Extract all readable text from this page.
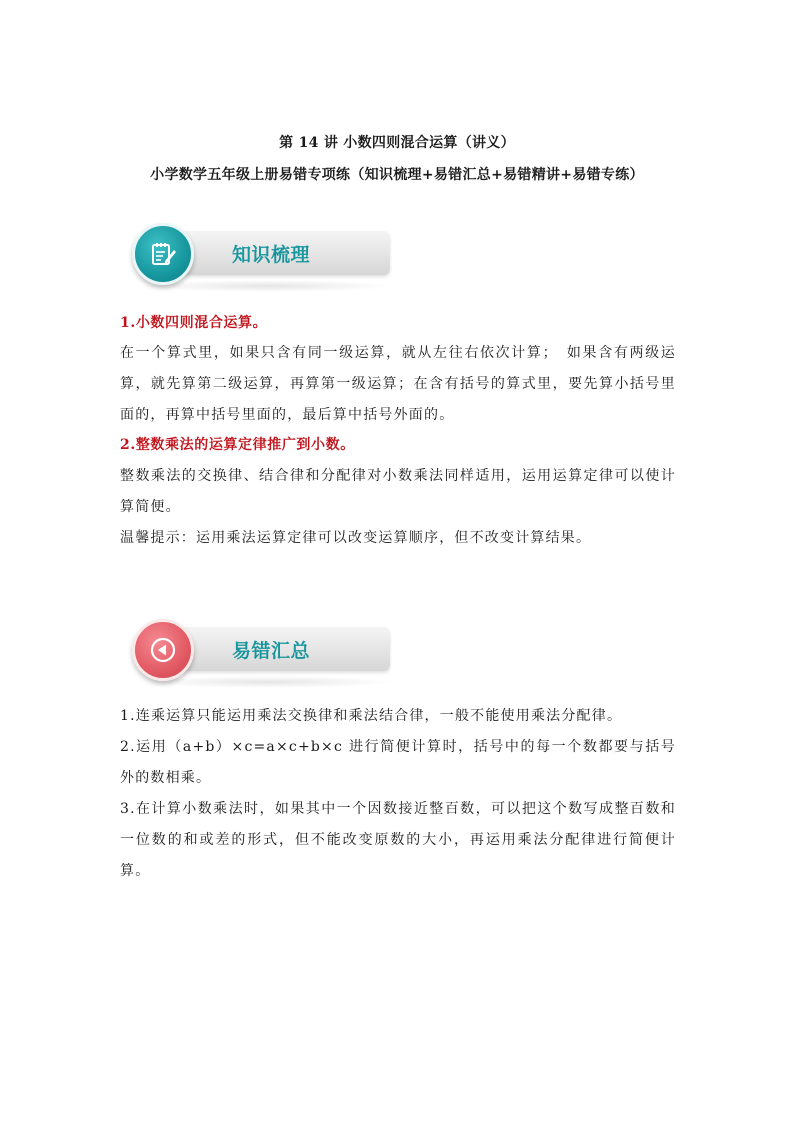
第 14 讲 小数四则混合运算（讲义）
小学数学五年级上册易错专项练（知识梳理+易错汇总+易错精讲+易错专练）
知识梳理
1.小数四则混合运算。
在一个算式里，如果只含有同一级运算，就从左往右依次计算；　如果含有两级运算，就先算第二级运算，再算第一级运算；在含有括号的算式里，要先算小括号里面的，再算中括号里面的，最后算中括号外面的。
2.整数乘法的运算定律推广到小数。
整数乘法的交换律、结合律和分配律对小数乘法同样适用，运用运算定律可以使计算简便。
温馨提示：运用乘法运算定律可以改变运算顺序，但不改变计算结果。
易错汇总
1.连乘运算只能运用乘法交换律和乘法结合律，一般不能使用乘法分配律。
2.运用（a+b）×c=a×c+b×c 进行简便计算时，括号中的每一个数都要与括号外的数相乘。
3.在计算小数乘法时，如果其中一个因数接近整百数，可以把这个数写成整百数和一位数的和或差的形式，但不能改变原数的大小，再运用乘法分配律进行简便计算。
